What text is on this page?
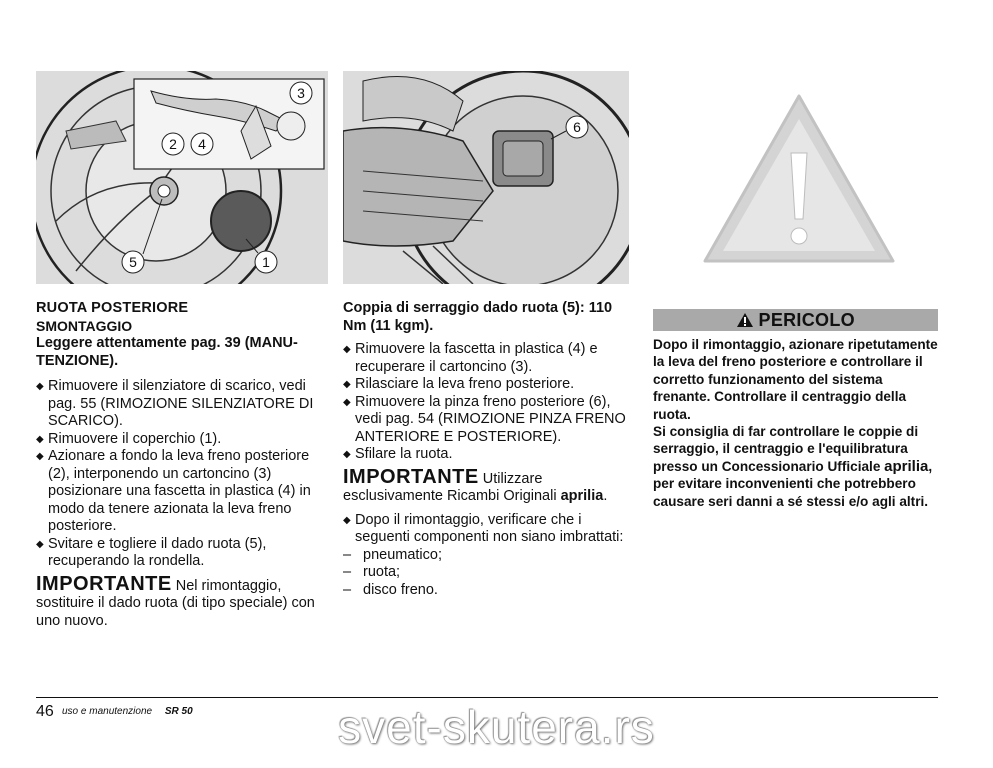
3
2 4
5	1
6

RUOTA POSTERIORE

SMONTAGGIO

Leggere attentamente pag. 39 (MANU-TENZIONE).

◆ Rimuovere il silenziatore di scarico, vedi pag. 55 (RIMOZIONE SILENZIATORE DI SCARICO).
◆ Rimuovere il coperchio (1).
◆ Azionare a fondo la leva freno posteriore (2), interponendo un cartoncino (3) posizionare una fascetta in plastica (4) in modo da tenere azionata la leva freno posteriore.
◆ Svitare e togliere il dado ruota (5), recuperando la rondella.

IMPORTANTE Nel rimontaggio, sostituire il dado ruota (di tipo speciale) con uno nuovo.

Coppia di serraggio dado ruota (5): 110 Nm (11 kgm).

◆ Rimuovere la fascetta in plastica (4) e recuperare il cartoncino (3).
◆ Rilasciare la leva freno posteriore.
◆ Rimuovere la pinza freno posteriore (6), vedi pag. 54 (RIMOZIONE PINZA FRENO ANTERIORE E POSTERIORE).
◆ Sfilare la ruota.

IMPORTANTE Utilizzare esclusivamente Ricambi Originali aprilia.

◆ Dopo il rimontaggio, verificare che i seguenti componenti non siano imbrattati:
– pneumatico;
– ruota;
– disco freno.
PERICOLO

Dopo il rimontaggio, azionare ripetutamente la leva del freno posteriore e controllare il corretto funzionamento del sistema frenante. Controllare il centraggio della ruota.

Si consiglia di far controllare le coppie di serraggio, il centraggio e l'equilibratura presso un Concessionario Ufficiale aprilia, per evitare inconvenienti che potrebbero causare seri danni a sé stessi e/o agli altri.

46 uso e manutenzione SR 50	svet-skutera.rs
